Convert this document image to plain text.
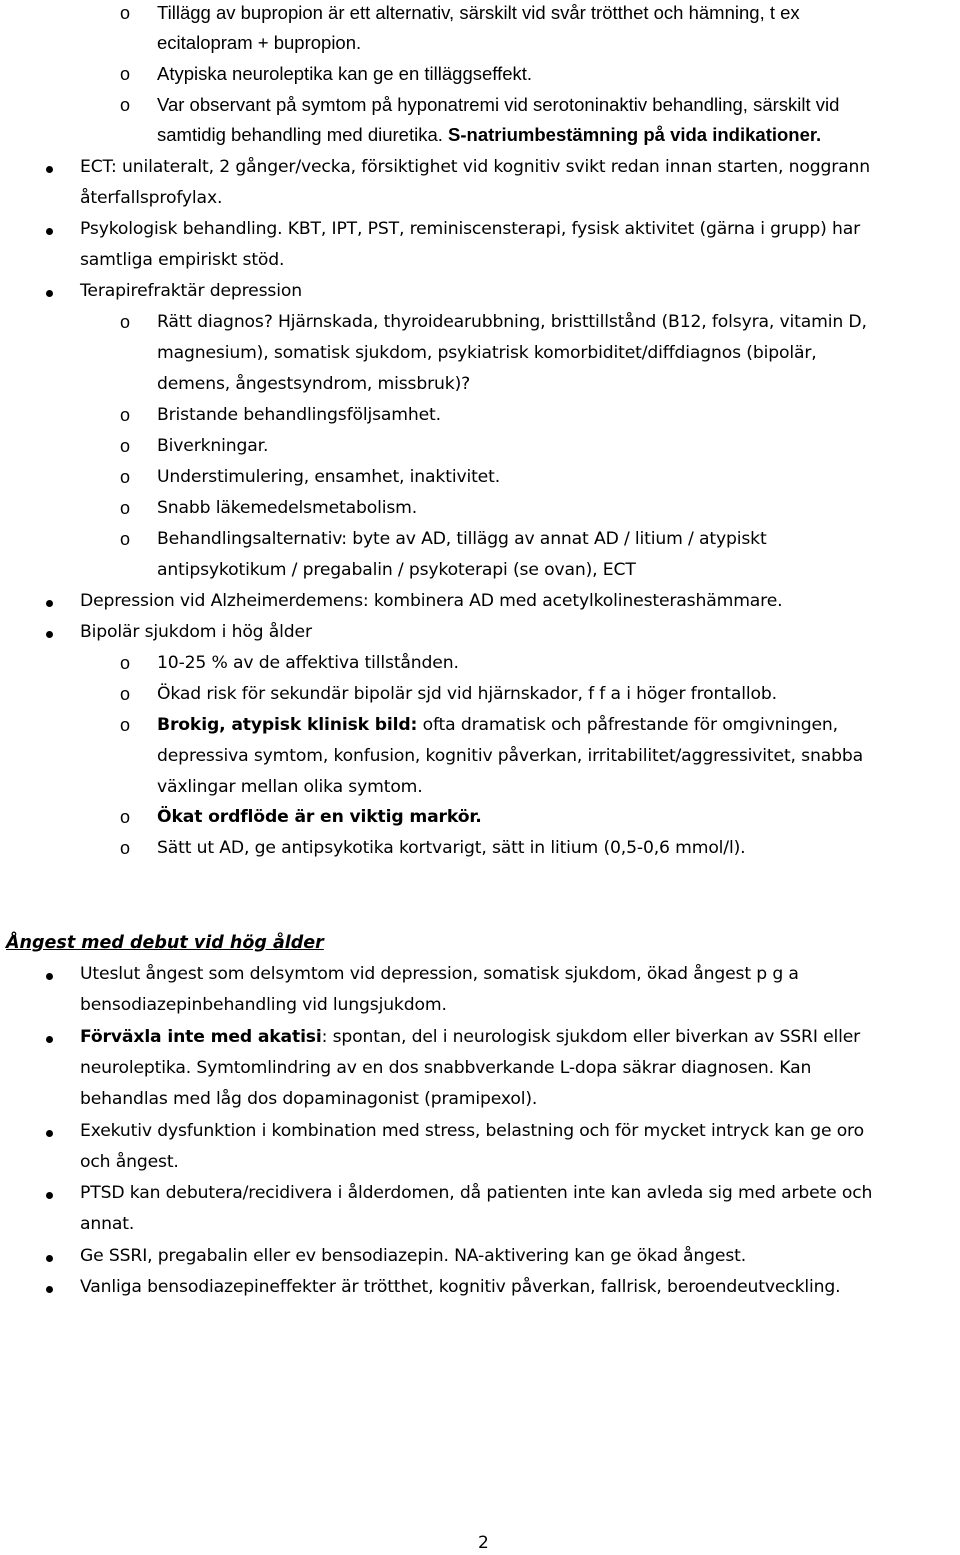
o Tillägg av bupropion är ett alternativ, särskilt vid svår trötthet och hämning, t ex
ecitalopram + bupropion.
o Atypiska neuroleptika kan ge en tilläggseffekt.
o Var observant på symtom på hyponatremi vid serotoninaktiv behandling, särskilt vid
samtidig behandling med diuretika. S-natriumbestämning på vida indikationer.
ECT: unilateralt, 2 gånger/vecka, försiktighet vid kognitiv svikt redan innan starten, noggrann
återfallsprofylax.
Psykologisk behandling. KBT, IPT, PST, reminiscensterapi, fysisk aktivitet (gärna i grupp) har
samtliga empiriskt stöd.
Terapirefraktär depression
o Rätt diagnos? Hjärnskada, thyroidearubbning, bristtillstånd (B12, folsyra, vitamin D,
magnesium), somatisk sjukdom, psykiatrisk komorbiditet/diffdiagnos (bipolär,
demens, ångestsyndrom, missbruk)?
o Bristande behandlingsföljsamhet.
o Biverkningar.
o Understimulering, ensamhet, inaktivitet.
o Snabb läkemedelsmetabolism.
o Behandlingsalternativ: byte av AD, tillägg av annat AD / litium / atypiskt
antipsykotikum / pregabalin / psykoterapi (se ovan), ECT
Depression vid Alzheimerdemens: kombinera AD med acetylkolinesterashämmare.
Bipolär sjukdom i hög ålder
o 10-25 % av de affektiva tillstånden.
o Ökad risk för sekundär bipolär sjd vid hjärnskador, f f a i höger frontallob.
o Brokig, atypisk klinisk bild: ofta dramatisk och påfrestande för omgivningen,
depressiva symtom, konfusion, kognitiv påverkan, irritabilitet/aggressivitet, snabba
växlingar mellan olika symtom.
o Ökat ordflöde är en viktig markör.
o Sätt ut AD, ge antipsykotika kortvarigt, sätt in litium (0,5-0,6 mmol/l).
Ångest med debut vid hög ålder
Uteslut ångest som delsymtom vid depression, somatisk sjukdom, ökad ångest p g a
bensodiazepinbehandling vid lungsjukdom.
Förväxla inte med akatisi: spontan, del i neurologisk sjukdom eller biverkan av SSRI eller
neuroleptika. Symtomlindring av en dos snabbverkande L-dopa säkrar diagnosen. Kan
behandlas med låg dos dopaminagonist (pramipexol).
Exekutiv dysfunktion i kombination med stress, belastning och för mycket intryck kan ge oro
och ångest.
PTSD kan debutera/recidivera i ålderdomen, då patienten inte kan avleda sig med arbete och
annat.
Ge SSRI, pregabalin eller ev bensodiazepin. NA-aktivering kan ge ökad ångest.
Vanliga bensodiazepineffekter är trötthet, kognitiv påverkan, fallrisk, beroendeutveckling.
2
